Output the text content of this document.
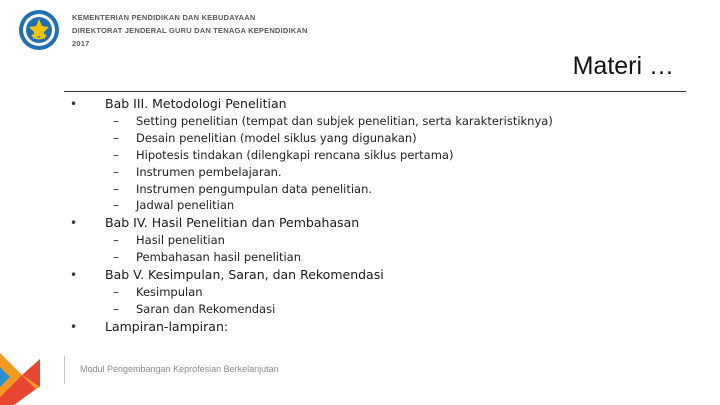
KEMENTERIAN PENDIDIKAN DAN KEBUDAYAAN
DIREKTORAT JENDERAL GURU DAN TENAGA KEPENDIDIKAN
2017
Materi …
• Bab III. Metodologi Penelitian
– Setting penelitian (tempat dan subjek penelitian, serta karakteristiknya)
– Desain penelitian (model siklus yang digunakan)
– Hipotesis tindakan (dilengkapi rencana siklus pertama)
– Instrumen pembelajaran.
– Instrumen pengumpulan data penelitian.
– Jadwal penelitian
• Bab IV. Hasil Penelitian dan Pembahasan
– Hasil penelitian
– Pembahasan hasil penelitian
• Bab V. Kesimpulan, Saran, dan Rekomendasi
– Kesimpulan
– Saran dan Rekomendasi
• Lampiran-lampiran:
Modul Pengembangan Keprofesian Berkelanjutan
